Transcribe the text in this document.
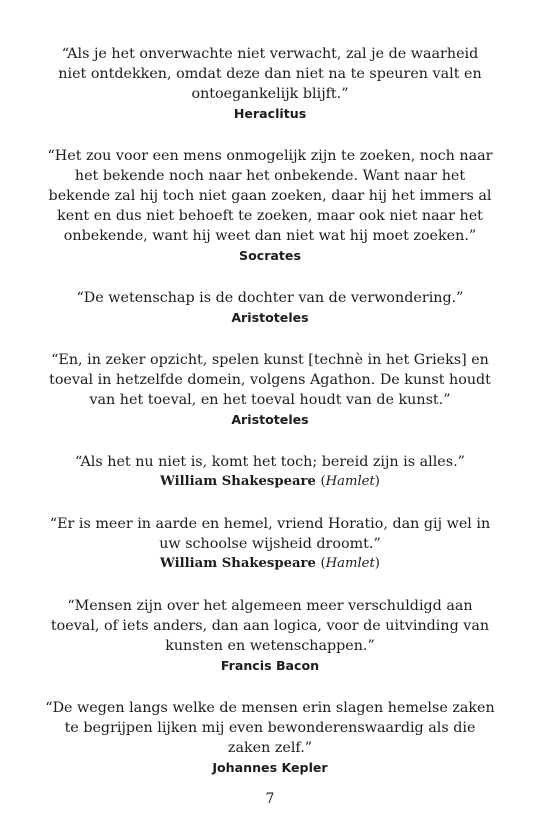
“Als je het onverwachte niet verwacht, zal je de waarheid
niet ontdekken, omdat deze dan niet na te speuren valt en
ontoegankelijk blijft.”

Heraclitus

“Het zou voor een mens onmogelijk zijn te zoeken, noch naar
het bekende noch naar het onbekende. Want naar het
bekende zal hij toch niet gaan zoeken, daar hij het immers al
kent en dus niet behoeft te zoeken, maar ook niet naar het
onbekende, want hij weet dan niet wat hij moet zoeken.”

Socrates

“De wetenschap is de dochter van de verwondering.”

Aristoteles

“En, in zeker opzicht, spelen kunst [technè in het Grieks] en
toeval in hetzelfde domein, volgens Agathon. De kunst houdt
van het toeval, en het toeval houdt van de kunst.”

Aristoteles

“Als het nu niet is, komt het toch; bereid zijn is alles.”

William Shakespeare (Hamlet)

“Er is meer in aarde en hemel, vriend Horatio, dan gij wel in
uw schoolse wijsheid droomt.”

William Shakespeare (Hamlet)

“Mensen zijn over het algemeen meer verschuldigd aan
toeval, of iets anders, dan aan logica, voor de uitvinding van
kunsten en wetenschappen.”

Francis Bacon

“De wegen langs welke de mensen erin slagen hemelse zaken
te begrijpen lijken mij even bewonderenswaardig als die
zaken zelf.”

Johannes Kepler

7
